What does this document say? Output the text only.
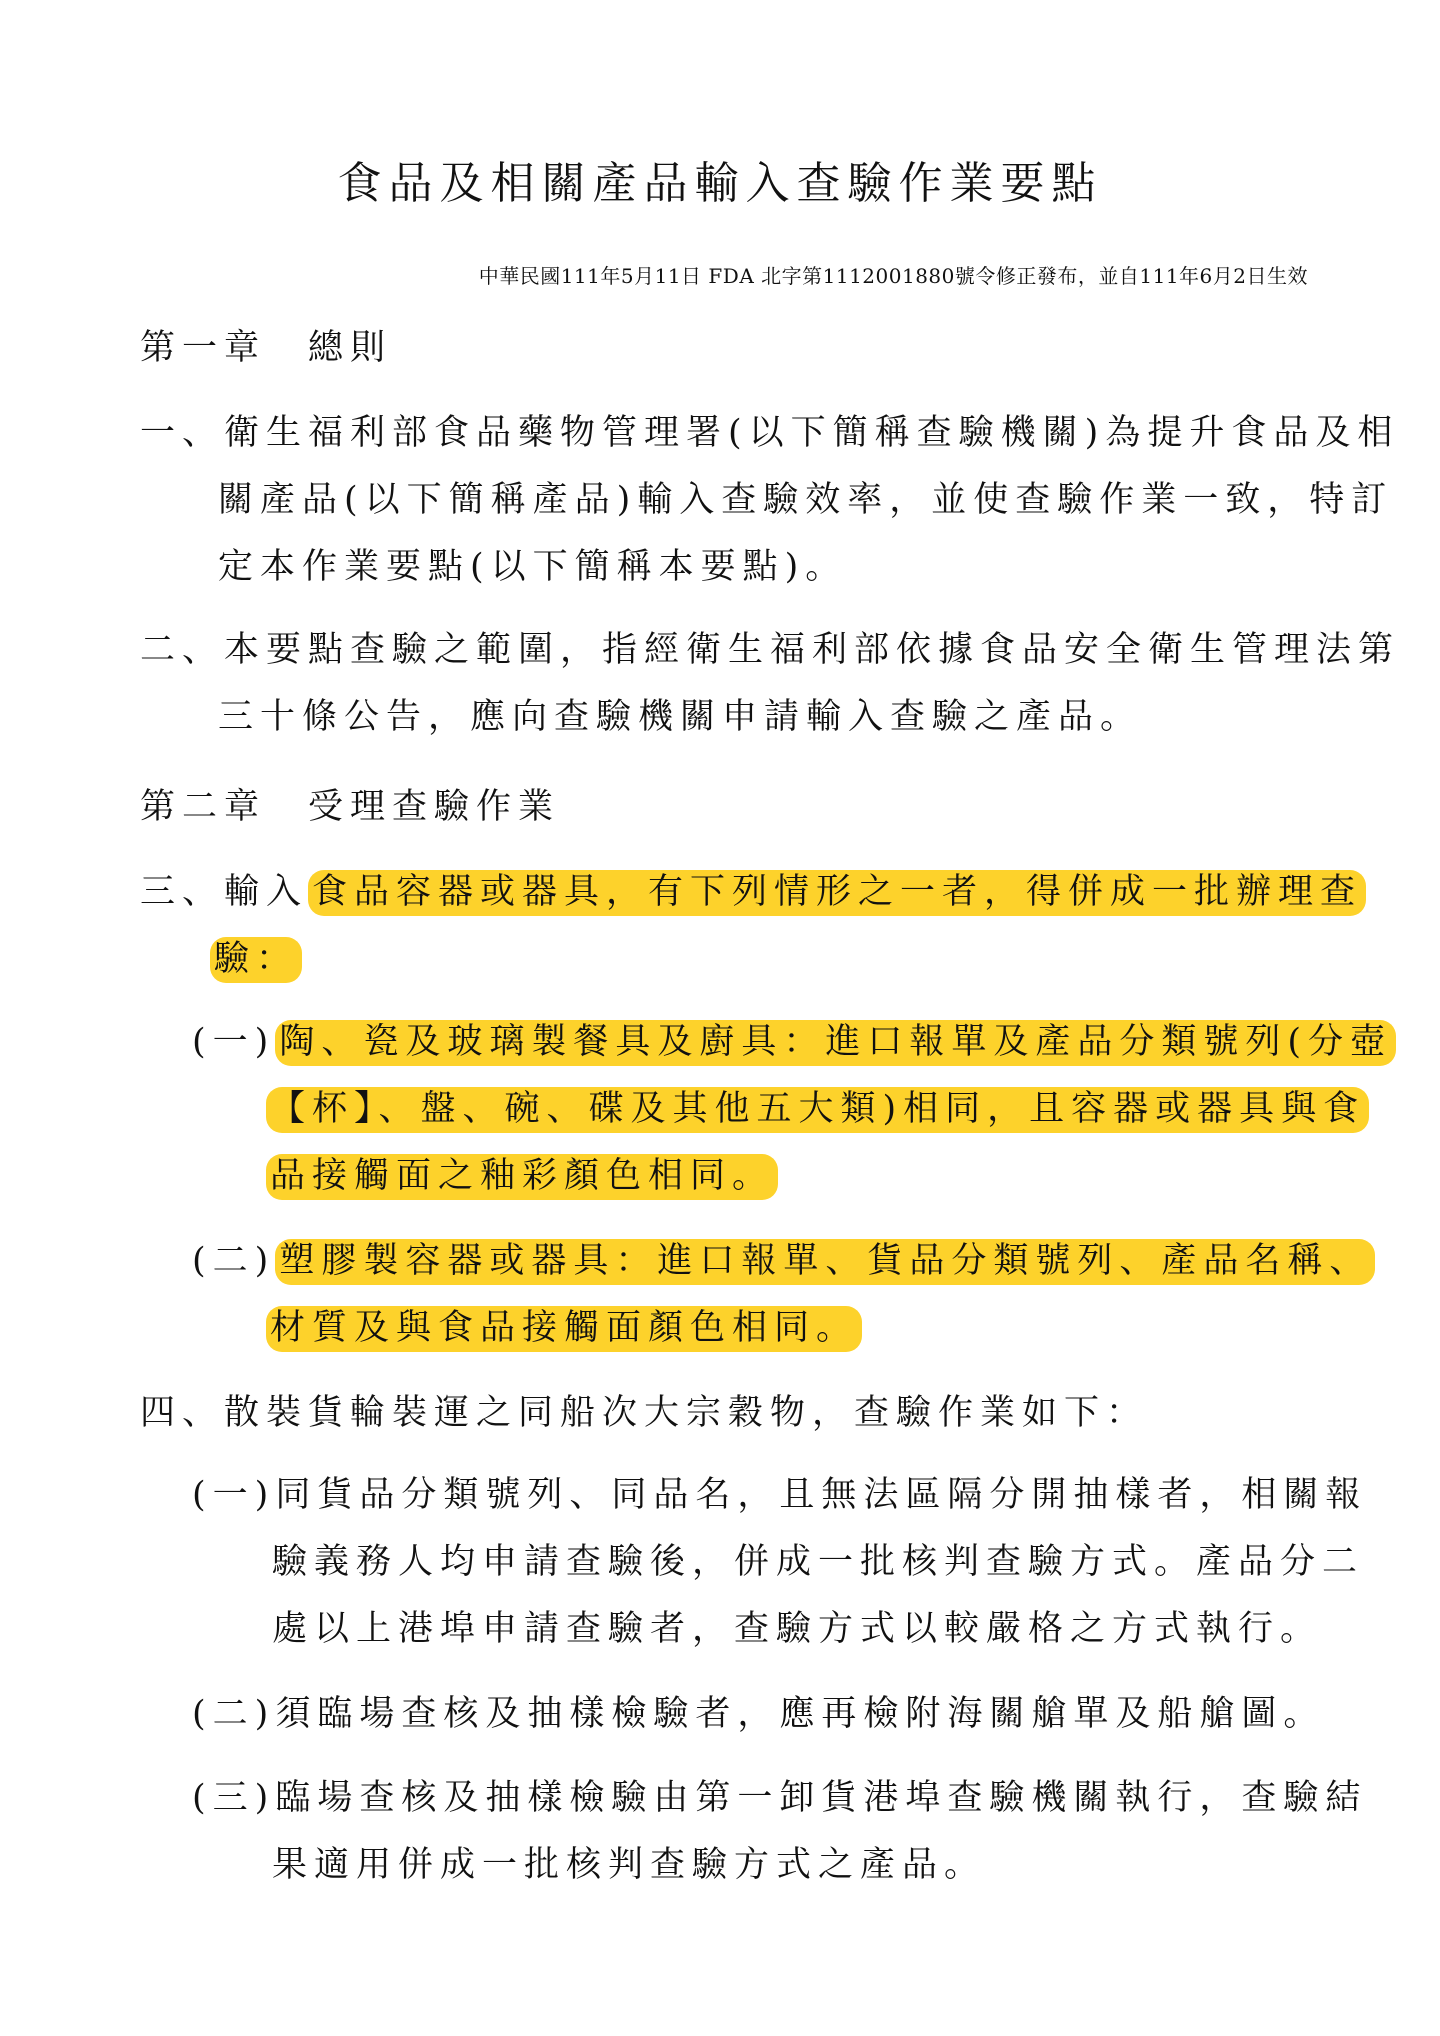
食品及相關產品輸入查驗作業要點

中華民國111年5月11日 FDA 北字第1112001880號令修正發布，並自111年6月2日生效

第一章　總則

一、衛生福利部食品藥物管理署(以下簡稱查驗機關)為提升食品及相

關產品(以下簡稱產品)輸入查驗效率，並使查驗作業一致，特訂

定本作業要點(以下簡稱本要點)。

二、本要點查驗之範圍，指經衛生福利部依據食品安全衛生管理法第

三十條公告，應向查驗機關申請輸入查驗之產品。

第二章　受理查驗作業

三、輸入 食品容器或器具，有下列情形之一者，得併成一批辦理查

驗：

(一) 陶、瓷及玻璃製餐具及廚具：進口報單及產品分類號列(分壺

【杯】、盤、碗、碟及其他五大類)相同，且容器或器具與食

品接觸面之釉彩顏色相同。

(二) 塑膠製容器或器具：進口報單、貨品分類號列、產品名稱、

材質及與食品接觸面顏色相同。

四、散裝貨輪裝運之同船次大宗穀物，查驗作業如下：

(一)同貨品分類號列、同品名，且無法區隔分開抽樣者，相關報

驗義務人均申請查驗後，併成一批核判查驗方式。產品分二

處以上港埠申請查驗者，查驗方式以較嚴格之方式執行。

(二)須臨場查核及抽樣檢驗者，應再檢附海關艙單及船艙圖。

(三)臨場查核及抽樣檢驗由第一卸貨港埠查驗機關執行，查驗結

果適用併成一批核判查驗方式之產品。
